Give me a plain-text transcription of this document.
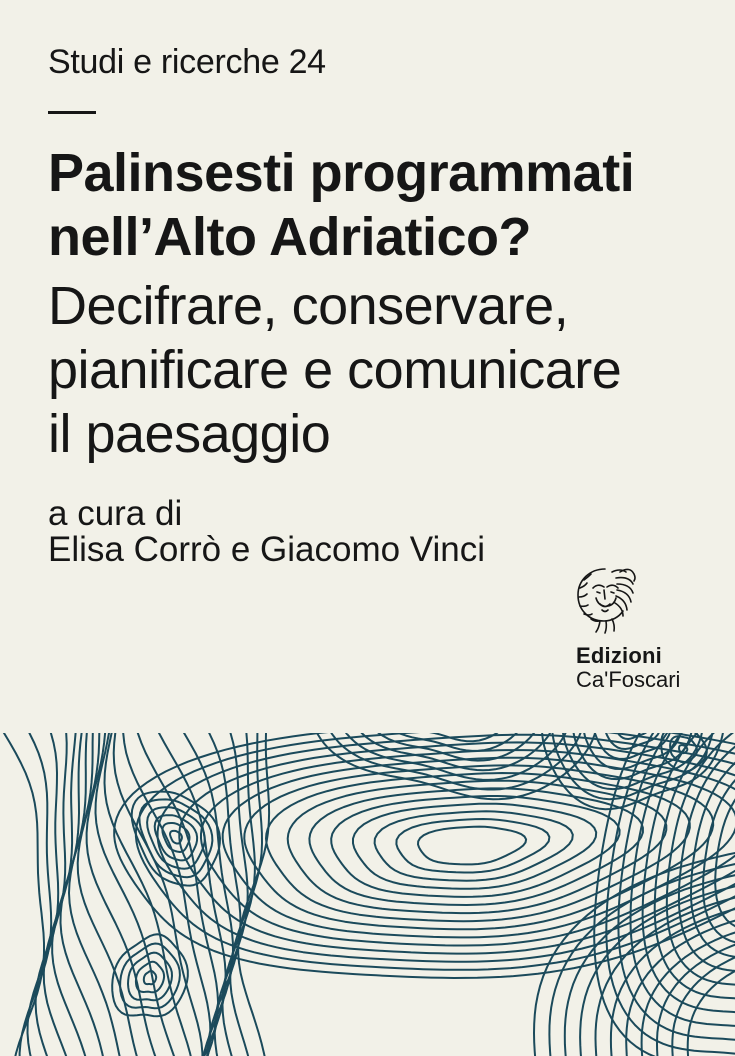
Studi e ricerche 24
Palinsesti programmati
nell’Alto Adriatico?
Decifrare, conservare,
pianificare e comunicare
il paesaggio
a cura di
Elisa Corrò e Giacomo Vinci
Edizioni
Ca'Foscari
